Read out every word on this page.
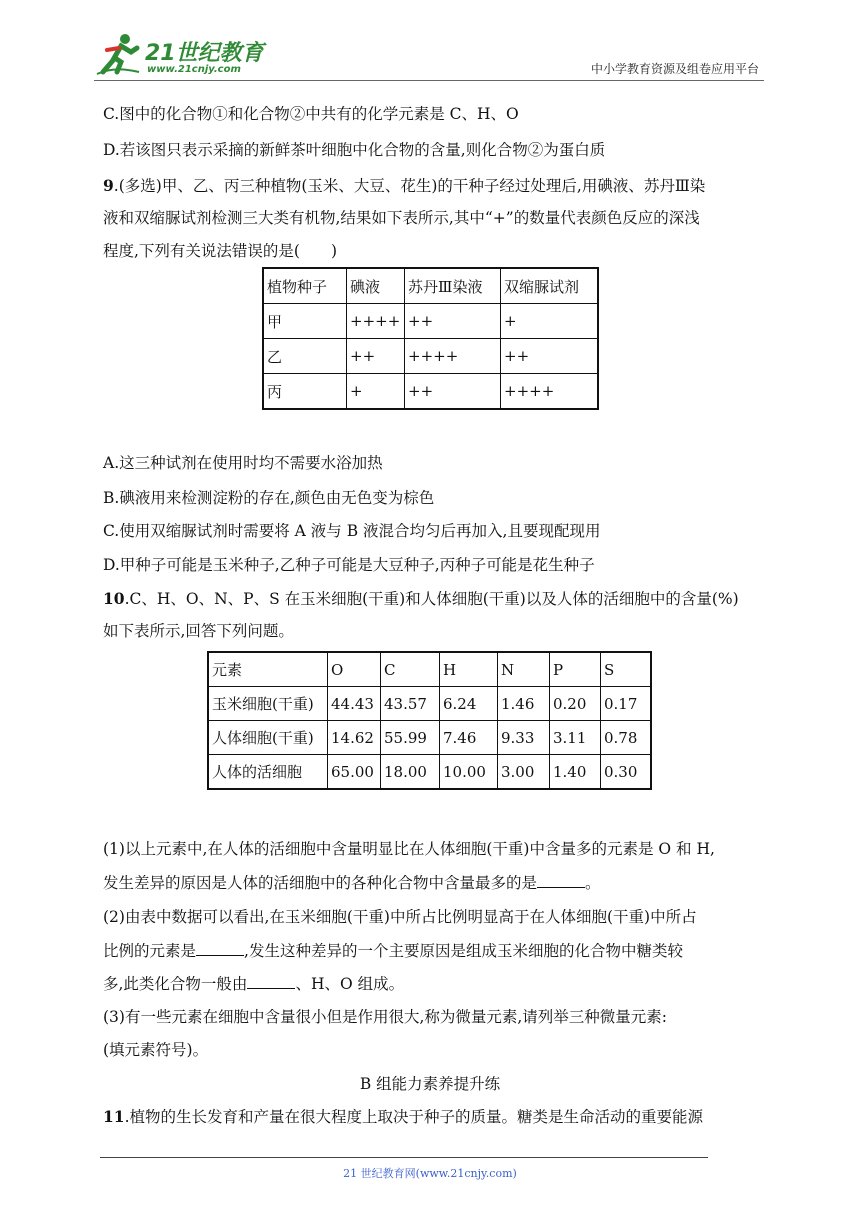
21世纪教育
www.21cnjy.com	中小学教育资源及组卷应用平台
C.图中的化合物①和化合物②中共有的化学元素是 C、H、O
D.若该图只表示采摘的新鲜茶叶细胞中化合物的含量,则化合物②为蛋白质
9.(多选)甲、乙、丙三种植物(玉米、大豆、花生)的干种子经过处理后,用碘液、苏丹Ⅲ染
液和双缩脲试剂检测三大类有机物,结果如下表所示,其中“+”的数量代表颜色反应的深浅
程度,下列有关说法错误的是(　　)
植物种子	碘液	苏丹Ⅲ染液	双缩脲试剂
甲	++++	++	+
乙	++	++++	++
丙	+	++	++++
A.这三种试剂在使用时均不需要水浴加热
B.碘液用来检测淀粉的存在,颜色由无色变为棕色
C.使用双缩脲试剂时需要将 A 液与 B 液混合均匀后再加入,且要现配现用
D.甲种子可能是玉米种子,乙种子可能是大豆种子,丙种子可能是花生种子
10.C、H、O、N、P、S 在玉米细胞(干重)和人体细胞(干重)以及人体的活细胞中的含量(%)
如下表所示,回答下列问题。
元素	O	C	H	N	P	S
玉米细胞(干重)	44.43	43.57	6.24	1.46	0.20	0.17
人体细胞(干重)	14.62	55.99	7.46	9.33	3.11	0.78
人体的活细胞	65.00	18.00	10.00	3.00	1.40	0.30
(1)以上元素中,在人体的活细胞中含量明显比在人体细胞(干重)中含量多的元素是 O 和 H,
发生差异的原因是人体的活细胞中的各种化合物中含量最多的是	。
(2)由表中数据可以看出,在玉米细胞(干重)中所占比例明显高于在人体细胞(干重)中所占
比例的元素是	,发生这种差异的一个主要原因是组成玉米细胞的化合物中糖类较
多,此类化合物一般由	、H、O 组成。
(3)有一些元素在细胞中含量很小但是作用很大,称为微量元素,请列举三种微量元素:
(填元素符号)。
B 组能力素养提升练
11.植物的生长发育和产量在很大程度上取决于种子的质量。糖类是生命活动的重要能源
21 世纪教育网(www.21cnjy.com)
